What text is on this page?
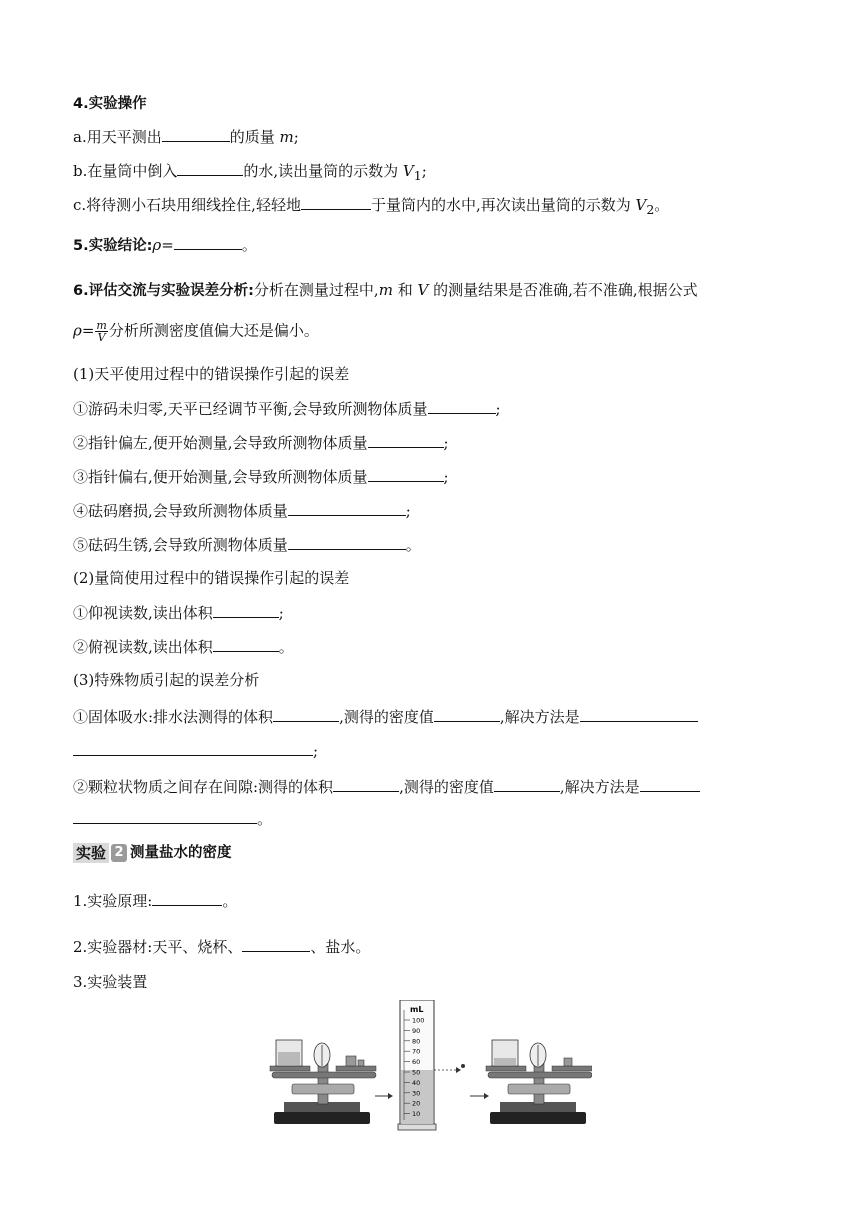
4.实验操作
a.用天平测出	的质量 m;
b.在量筒中倒入	的水,读出量筒的示数为 $V_1$;
c.将待测小石块用细线拴住,轻轻地	于量筒内的水中,再次读出量筒的示数为 $V_2$。
5.实验结论:ρ=	。
6.评估交流与实验误差分析:分析在测量过程中,m 和 V 的测量结果是否准确,若不准确,根据公式
$\rho= \frac{m}{V}$ 分析所测密度值偏大还是偏小。
(1)天平使用过程中的错误操作引起的误差
①游码未归零,天平已经调节平衡,会导致所测物体质量	;
②指针偏左,便开始测量,会导致所测物体质量	;
③指针偏右,便开始测量,会导致所测物体质量	;
④砝码磨损,会导致所测物体质量	;
⑤砝码生锈,会导致所测物体质量	。
(2)量筒使用过程中的错误操作引起的误差
①仰视读数,读出体积	;
②俯视读数,读出体积	。
(3)特殊物质引起的误差分析
①固体吸水:排水法测得的体积	,测得的密度值	,解决方法是
;
②颗粒状物质之间存在间隙:测得的体积	,测得的密度值	,解决方法是
。
实验 2 测量盐水的密度
1.实验原理:	。
2.实验器材:天平、烧杯、	、盐水。
3.实验装置
100
90
80
70
60
50
40
30
20
10
mL
